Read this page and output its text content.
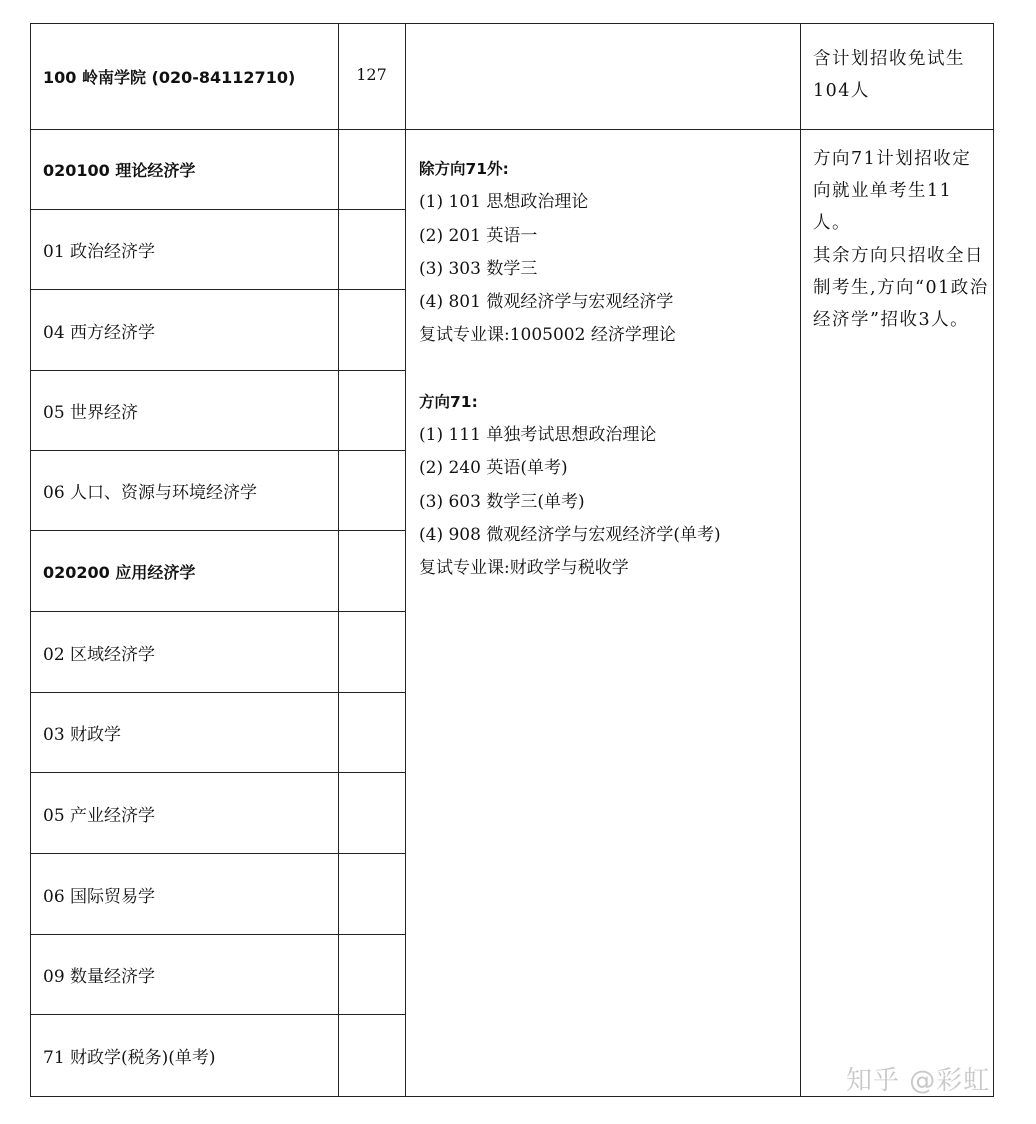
100 岭南学院 (020-84112710)	127
020100 理论经济学
01 政治经济学
04 西方经济学
05 世界经济
06 人口、资源与环境经济学
020200 应用经济学
02 区域经济学
03 财政学
05 产业经济学
06 国际贸易学
09 数量经济学
71 财政学(税务)(单考)
除方向71外:
(1) 101 思想政治理论
(2) 201 英语一
(3) 303 数学三
(4) 801 微观经济学与宏观经济学
复试专业课:1005002 经济学理论
方向71:
(1) 111 单独考试思想政治理论
(2) 240 英语(单考)
(3) 603 数学三(单考)
(4) 908 微观经济学与宏观经济学(单考)
复试专业课:财政学与税收学
含计划招收免试生104人
方向71计划招收定向就业单考生11人。
其余方向只招收全日制考生,方向“01政治经济学”招收3人。
知乎 @彩虹
